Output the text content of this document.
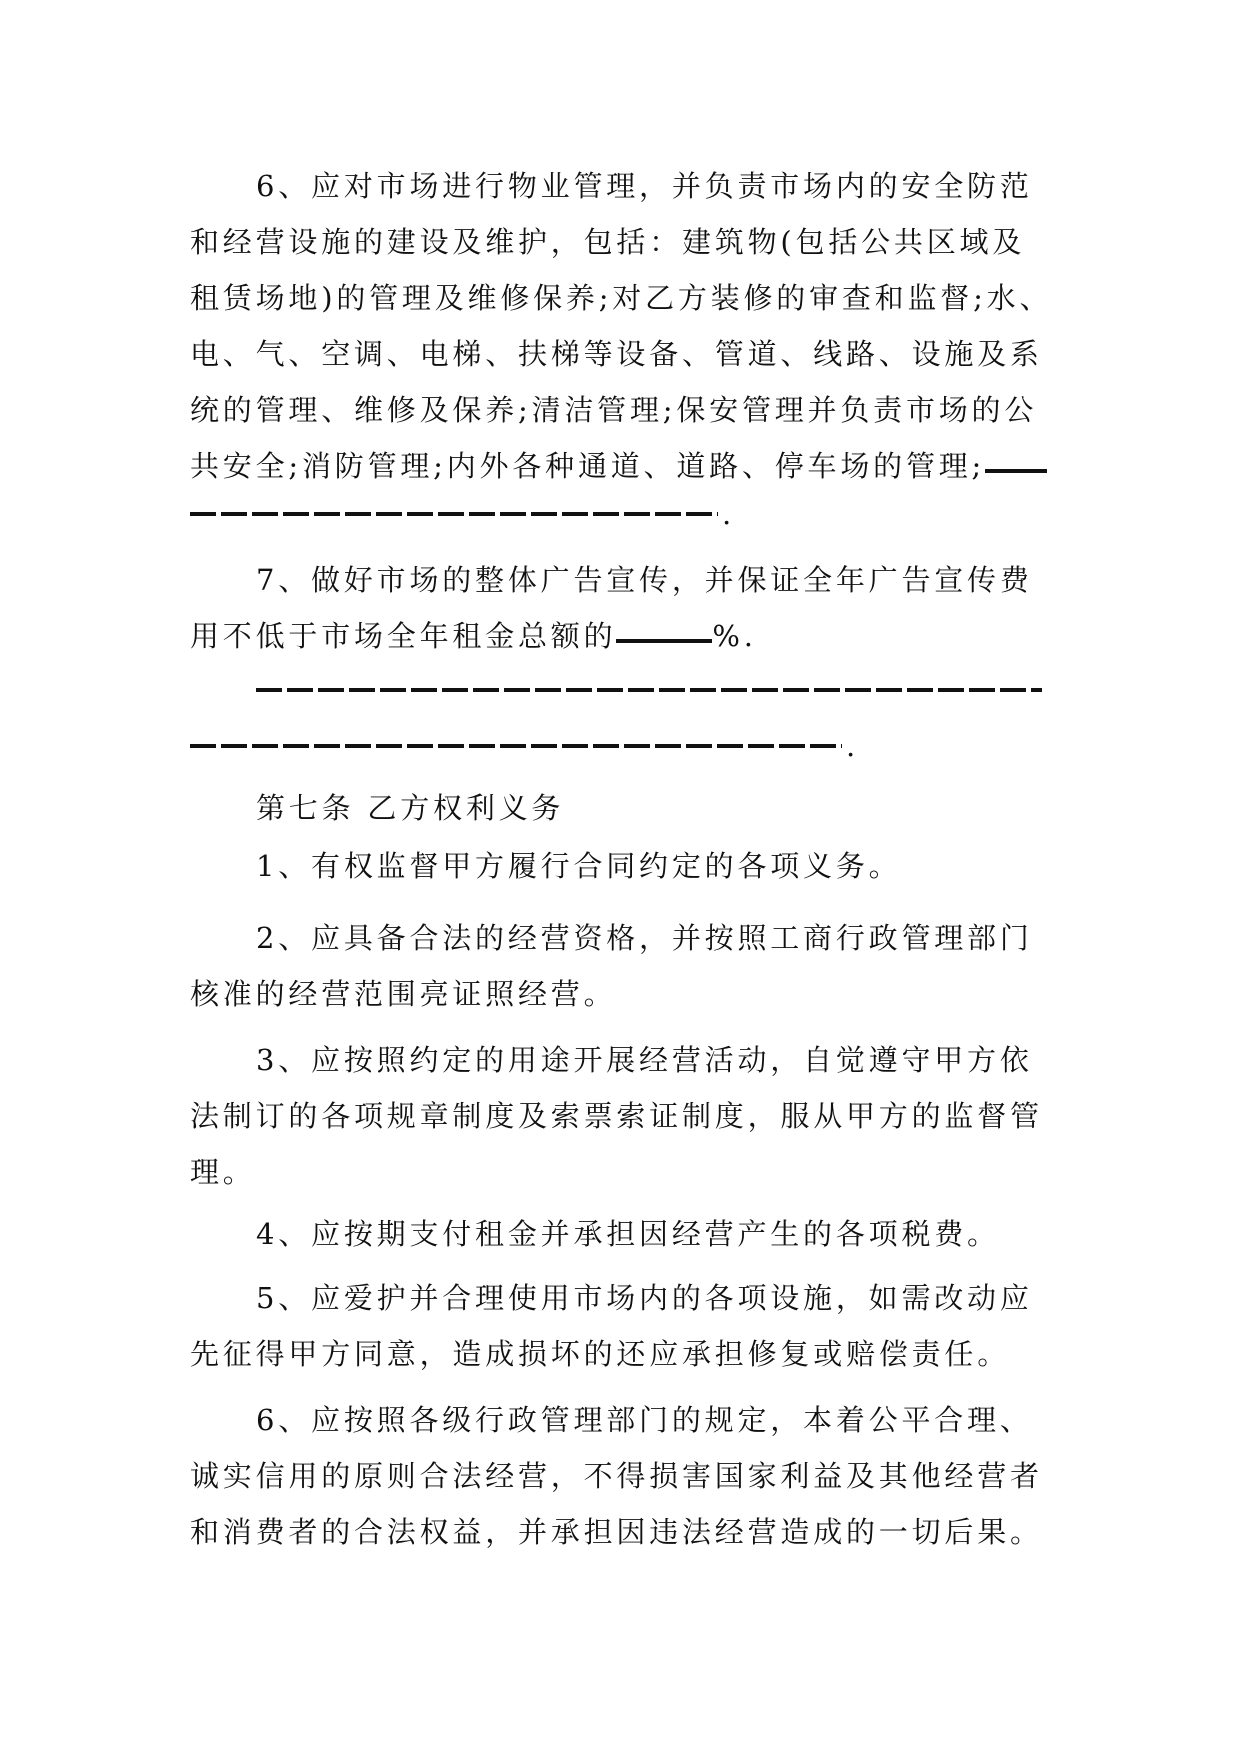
6、应对市场进行物业管理，并负责市场内的安全防范
和经营设施的建设及维护，包括：建筑物(包括公共区域及
租赁场地)的管理及维修保养;对乙方装修的审查和监督;水、
电、气、空调、电梯、扶梯等设备、管道、线路、设施及系
统的管理、维修及保养;清洁管理;保安管理并负责市场的公
共安全;消防管理;内外各种通道、道路、停车场的管理;
.
7、做好市场的整体广告宣传，并保证全年广告宣传费
用不低于市场全年租金总额的	%.
.
第七条 乙方权利义务
1、有权监督甲方履行合同约定的各项义务。
2、应具备合法的经营资格，并按照工商行政管理部门
核准的经营范围亮证照经营。
3、应按照约定的用途开展经营活动，自觉遵守甲方依
法制订的各项规章制度及索票索证制度，服从甲方的监督管
理。
4、应按期支付租金并承担因经营产生的各项税费。
5、应爱护并合理使用市场内的各项设施，如需改动应
先征得甲方同意，造成损坏的还应承担修复或赔偿责任。
6、应按照各级行政管理部门的规定，本着公平合理、
诚实信用的原则合法经营，不得损害国家利益及其他经营者
和消费者的合法权益，并承担因违法经营造成的一切后果。
